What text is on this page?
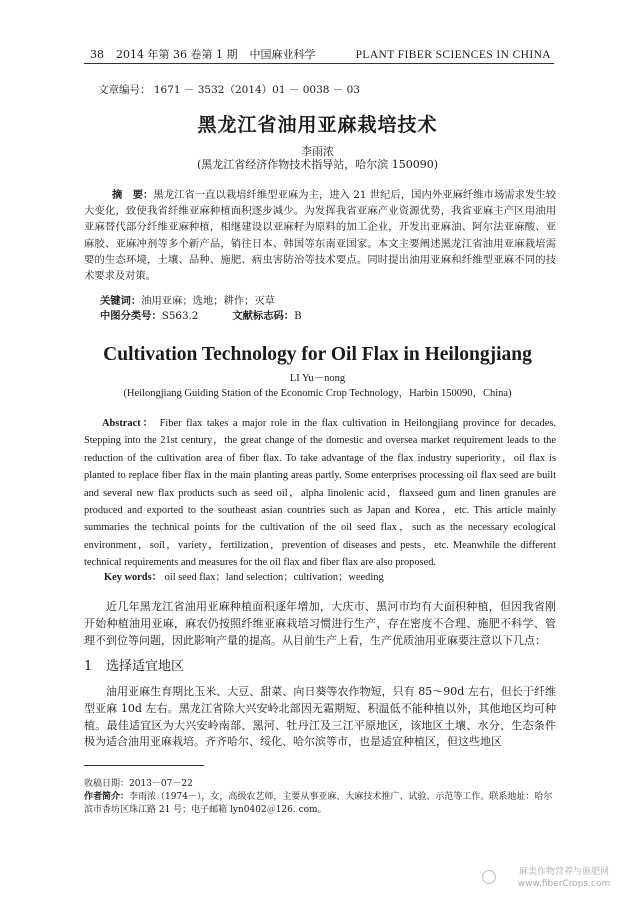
38 2014 年第 36 卷第 1 期 中国麻业科学	PLANT FIBER SCIENCES IN CHINA
文章编号： 1671 － 3532（2014）01 － 0038 － 03
黑龙江省油用亚麻栽培技术
李雨浓
(黑龙江省经济作物技术指导站，哈尔滨 150090)
摘　要：黑龙江省一直以栽培纤维型亚麻为主，进入 21 世纪后，国内外亚麻纤维市场需求发生较大变化，致使我省纤维亚麻种植面积逐步减少。为发挥我省亚麻产业资源优势，我省亚麻主产区用油用亚麻替代部分纤维亚麻种植，相继建设以亚麻籽为原料的加工企业，开发出亚麻油、阿尔法亚麻酸、亚麻胶、亚麻冲剂等多个新产品，销往日本、韩国等东南亚国家。本文主要阐述黑龙江省油用亚麻栽培需要的生态环境，土壤、品种、施肥、病虫害防治等技术要点。同时提出油用亚麻和纤维型亚麻不同的技术要求及对策。
关键词：油用亚麻；选地；耕作；灭草
中图分类号：S563.2	文献标志码：B
Cultivation Technology for Oil Flax in Heilongjiang
LI Yu－nong
(Heilongjiang Guiding Station of the Economic Crop Technology，Harbin 150090，China)
Abstract： Fiber flax takes a major role in the flax cultivation in Heilongjiang province for decades. Stepping into the 21st century，the great change of the domestic and oversea market requirement leads to the reduction of the cultivation area of fiber flax. To take advantage of the flax industry superiority，oil flax is planted to replace fiber flax in the main planting areas partly. Some enterprises processing oil flax seed are built and several new flax products such as seed oil，alpha linolenic acid，flaxseed gum and linen granules are produced and exported to the southeast asian countries such as Japan and Korea，etc. This article mainly summaries the technical points for the cultivation of the oil seed flax，such as the necessary ecological environment，soil，variety，fertilization，prevention of diseases and pests，etc. Meanwhile the different technical requirements and measures for the oil flax and fiber flax are also proposed.
Key words： oil seed flax；land selection；cultivation；weeding
近几年黑龙江省油用亚麻种植面积逐年增加，大庆市、黑河市均有大面积种植，但因我省刚开始种植油用亚麻，麻农仍按照纤维亚麻栽培习惯进行生产，存在密度不合理、施肥不科学、管理不到位等问题，因此影响产量的提高。从目前生产上看，生产优质油用亚麻要注意以下几点：
1 选择适宜地区
油用亚麻生育期比玉米、大豆、甜菜、向日葵等农作物短，只有 85～90d 左右，但长于纤维型亚麻 10d 左右。黑龙江省除大兴安岭北部因无霜期短、积温低不能种植以外，其他地区均可种植。最佳适宜区为大兴安岭南部、黑河、牡丹江及三江平原地区，该地区土壤、水分、生态条件极为适合油用亚麻栽培。齐齐哈尔、绥化、哈尔滨等市，也是适宜种植区，但这些地区
收稿日期：2013－07－22
作者简介：李雨浓（1974－），女，高级农艺师，主要从事亚麻、大麻技术推广、试验、示范等工作。联系地址：哈尔滨市香坊区珠江路 21 号；电子邮箱 lyn0402＠126. com。
麻类作物营养与施肥网
www.fiberCrops.com
